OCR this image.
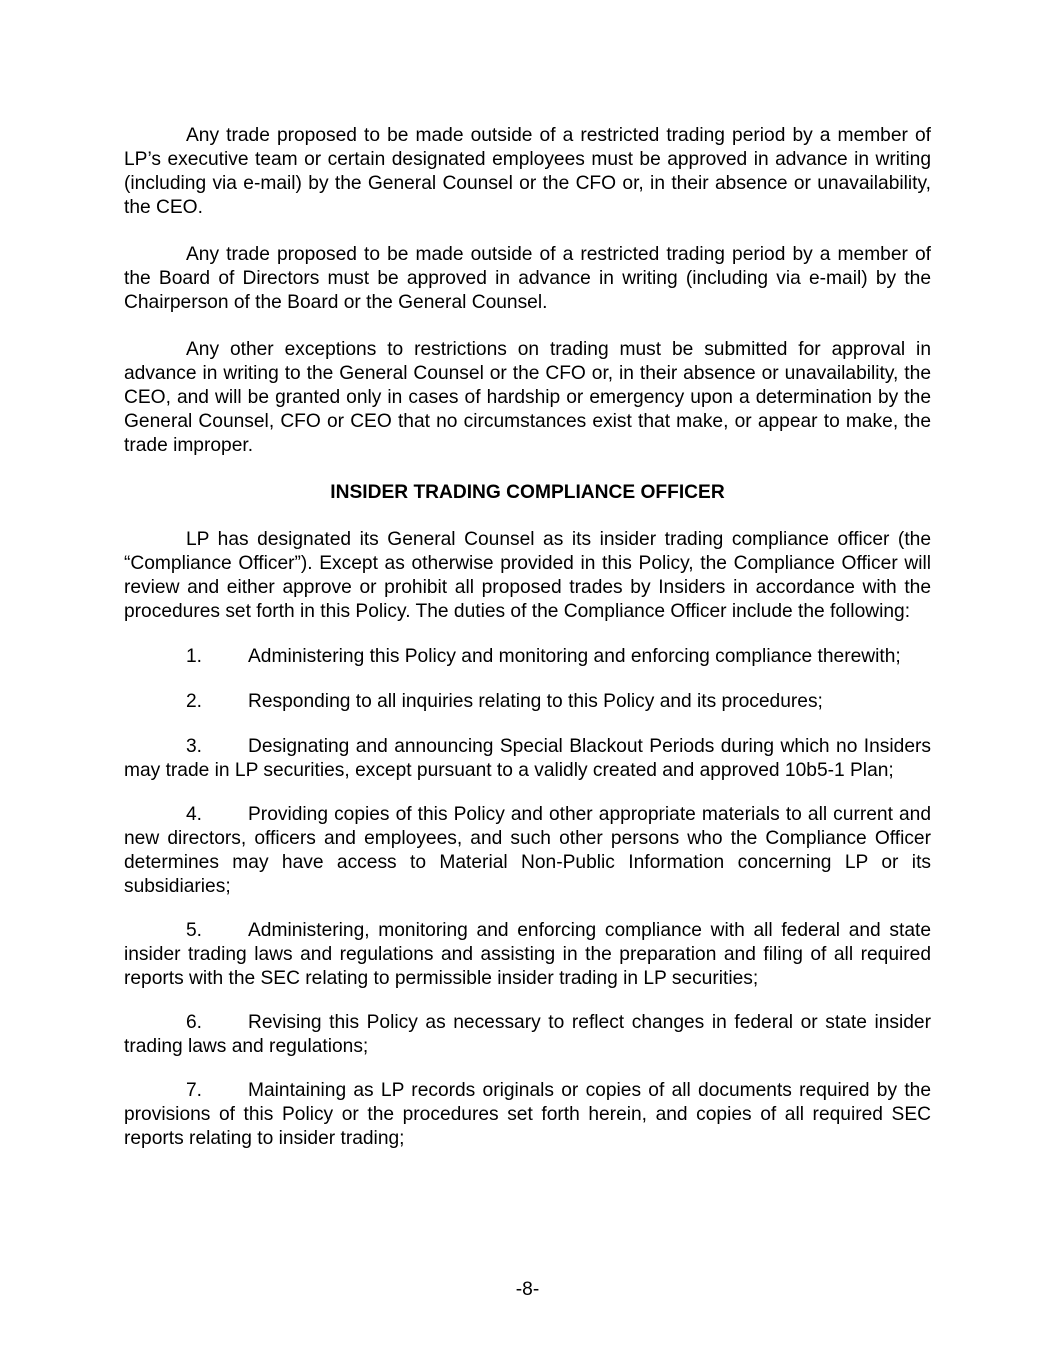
Any trade proposed to be made outside of a restricted trading period by a member of LP’s executive team or certain designated employees must be approved in advance in writing (including via e-mail) by the General Counsel or the CFO or, in their absence or unavailability, the CEO.

Any trade proposed to be made outside of a restricted trading period by a member of the Board of Directors must be approved in advance in writing (including via e-mail) by the Chairperson of the Board or the General Counsel.

Any other exceptions to restrictions on trading must be submitted for approval in advance in writing to the General Counsel or the CFO or, in their absence or unavailability, the CEO, and will be granted only in cases of hardship or emergency upon a determination by the General Counsel, CFO or CEO that no circumstances exist that make, or appear to make, the trade improper.

INSIDER TRADING COMPLIANCE OFFICER

LP has designated its General Counsel as its insider trading compliance officer (the “Compliance Officer”). Except as otherwise provided in this Policy, the Compliance Officer will review and either approve or prohibit all proposed trades by Insiders in accordance with the procedures set forth in this Policy. The duties of the Compliance Officer include the following:

1. Administering this Policy and monitoring and enforcing compliance therewith;

2. Responding to all inquiries relating to this Policy and its procedures;

3. Designating and announcing Special Blackout Periods during which no Insiders may trade in LP securities, except pursuant to a validly created and approved 10b5-1 Plan;

4. Providing copies of this Policy and other appropriate materials to all current and new directors, officers and employees, and such other persons who the Compliance Officer determines may have access to Material Non-Public Information concerning LP or its subsidiaries;

5. Administering, monitoring and enforcing compliance with all federal and state insider trading laws and regulations and assisting in the preparation and filing of all required reports with the SEC relating to permissible insider trading in LP securities;

6. Revising this Policy as necessary to reflect changes in federal or state insider trading laws and regulations;

7. Maintaining as LP records originals or copies of all documents required by the provisions of this Policy or the procedures set forth herein, and copies of all required SEC reports relating to insider trading;

-8-
